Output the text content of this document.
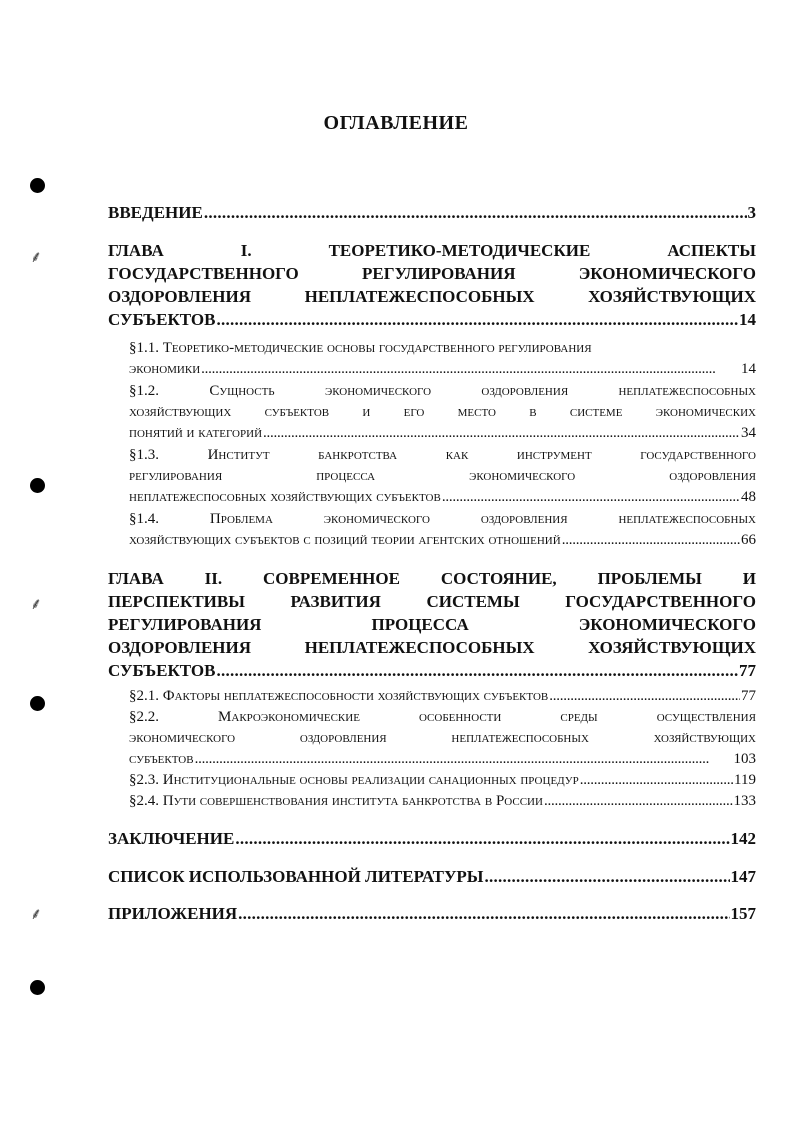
⸙
⸙
⸙
ОГЛАВЛЕНИЕ
ВВЕДЕНИЕ . . .	3
ГЛАВА	I.	ТЕОРЕТИКО-МЕТОДИЧЕСКИЕ	АСПЕКТЫ
ГОСУДАРСТВЕННОГО	РЕГУЛИРОВАНИЯ	ЭКОНОМИЧЕСКОГО
ОЗДОРОВЛЕНИЯ	НЕПЛАТЕЖЕСПОСОБНЫХ	ХОЗЯЙСТВУЮЩИХ
СУБЪЕКТОВ . . .	14
§1.1. Теоретико-методические основы государственного регулирования
экономики . . .	14
§1.2.	Сущность	экономического	оздоровления	неплатежеспособных
хозяйствующих субъектов и его место в системе экономических
понятий и категорий . . .	34
§1.3.	Институт	банкротства	как	инструмент	государственного
регулирования	процесса	экономического	оздоровления
неплатежеспособных хозяйствующих субъектов . . .	48
§1.4.	Проблема	экономического	оздоровления	неплатежеспособных
хозяйствующих субъектов с позиций теории агентских отношений . . .	66
ГЛАВА II. СОВРЕМЕННОЕ СОСТОЯНИЕ, ПРОБЛЕМЫ И
ПЕРСПЕКТИВЫ	РАЗВИТИЯ	СИСТЕМЫ	ГОСУДАРСТВЕННОГО
РЕГУЛИРОВАНИЯ	ПРОЦЕССА	ЭКОНОМИЧЕСКОГО
ОЗДОРОВЛЕНИЯ	НЕПЛАТЕЖЕСПОСОБНЫХ	ХОЗЯЙСТВУЮЩИХ
СУБЪЕКТОВ . . .	77
§2.1. Факторы неплатежеспособности хозяйствующих субъектов . . .	77
§2.2.	Макроэкономические	особенности	среды	осуществления
экономического	оздоровления	неплатежеспособных	хозяйствующих
субъектов . . .	103
§2.3. Институциональные основы реализации санационных процедур . . .	119
§2.4. Пути совершенствования института банкротства в России . . .	133
ЗАКЛЮЧЕНИЕ . . .	142
СПИСОК ИСПОЛЬЗОВАННОЙ ЛИТЕРАТУРЫ . . .	147
ПРИЛОЖЕНИЯ . . .	157
